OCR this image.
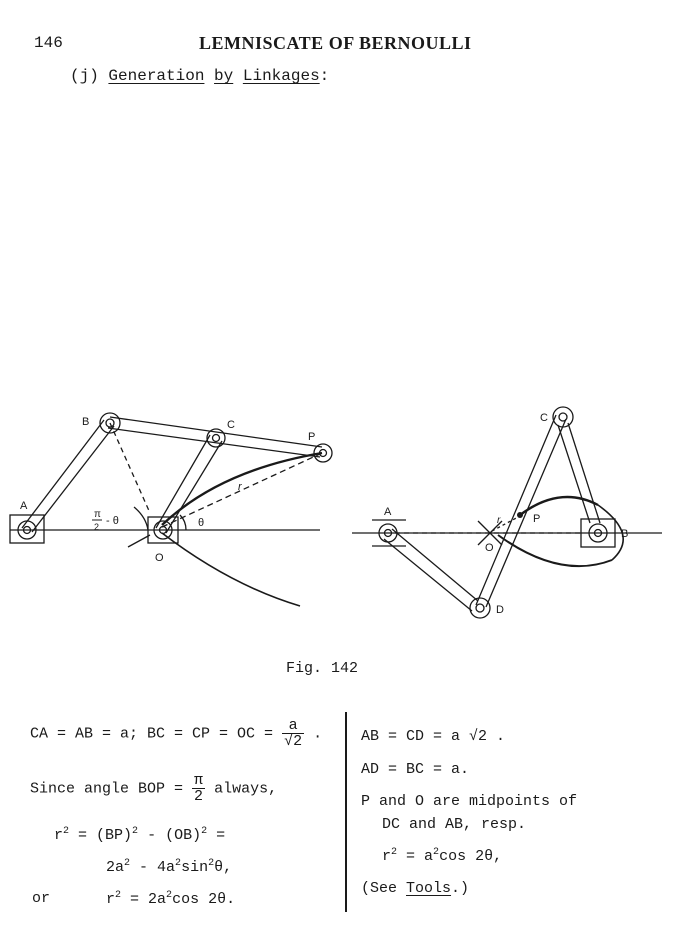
146	LEMNISCATE OF BERNOULLI
(j) Generation by Linkages:
A
B	C
P
O
r
θ
π
2 - θ
A
B
C
P
O
D
r
Fig. 142
CA = AB = a; BC = CP = OC = $\frac{a}{√2}$ .
Since angle BOP = $\frac{\pi}{2}$ always,
$r^2 = (BP)^2 - (OB)^2$ =
$2a^2 - 4a^2\sin^2\theta$,
or	$r^2 = 2a^2\cos$ 2θ.
AB = CD = a √2 .
AD = BC = a.
P and O are midpoints of
DC and AB, resp.
$r^2 = a^2\cos$ 2θ,
(See Tools.)
